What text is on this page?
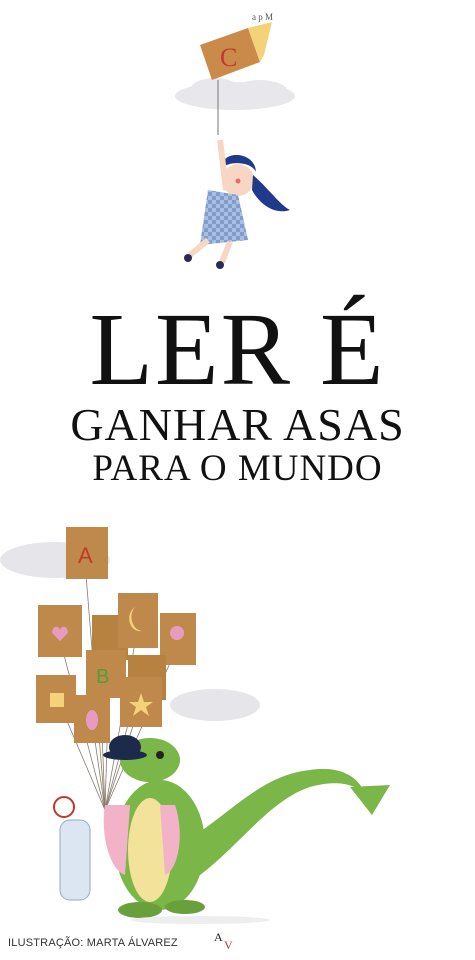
C
a p M
LER É
GANHAR ASAS
PARA O MUNDO
A
B
ILUSTRAÇÃO: MARTA ÁLVAREZ	A
V
